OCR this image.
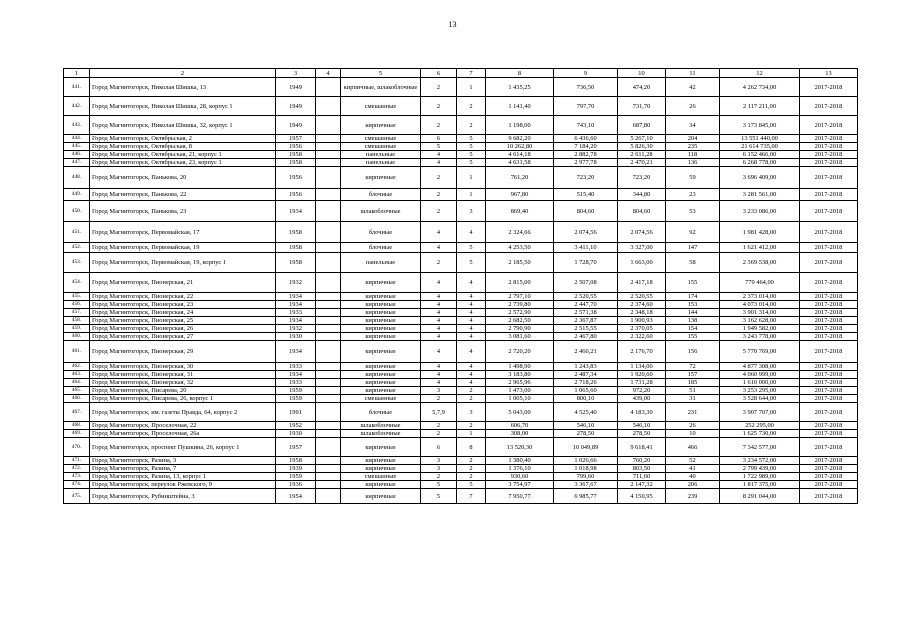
13
1	2	3	4	5	6	7	8	9	10	11	12	13
441.	Город Магнитогорск, Николая Шишка, 13	1949		кирпичные, шлакоблочные	2	1	1 435,25	736,50	474,20	42	4 262 734,00	2017-2018
442.	Город Магнитогорск, Николая Шишка, 28, корпус 1	1949		смешанные	2	2	1 141,40	797,70	731,70	26	2 117 211,00	2017-2018
443.	Город Магнитогорск, Николая Шишка, 32, корпус 1	1949		кирпичные	2	2	1 198,00	743,10	687,80	34	3 173 845,00	2017-2018
444.	Город Магнитогорск, Октябрьская, 2	1957		смешанные	6	5	9 682,20	6 436,60	5 267,10	204	13 551 440,00	2017-2018
445.	Город Магнитогорск, Октябрьская, 8	1956		смешанные	5	5	10 262,80	7 184,20	5 826,30	235	21 614 735,00	2017-2018
446.	Город Магнитогорск, Октябрьская, 21, корпус 1	1958		панельные	4	5	4 614,18	2 882,78	2 611,28	118	6 152 466,00	2017-2018
447.	Город Магнитогорск, Октябрьская, 23, корпус 1	1958		панельные	4	5	4 631,58	2 977,78	2 470,21	136	6 268 778,00	2017-2018
448.	Город Магнитогорск, Панькова, 20	1956		кирпичные	2	1	761,20	723,20	723,20	59	3 696 409,00	2017-2018
449.	Город Магнитогорск, Панькова, 22	1956		блочные	2	1	967,80	515,40	344,80	23	3 281 561,00	2017-2018
450.	Город Магнитогорск, Панькова, 23	1934		шлакоблочные	2	3	869,40	804,60	804,60	53	3 233 086,00	2017-2018
451.	Город Магнитогорск, Первомайская, 17	1958		блочные	4	4	2 324,66	2 074,56	2 074,56	92	1 981 428,00	2017-2018
452.	Город Магнитогорск, Первомайская, 19	1958		блочные	4	5	4 253,50	3 411,10	3 327,00	147	1 621 412,00	2017-2018
453.	Город Магнитогорск, Первомайская, 19, корпус 1	1958		панельные	2	5	2 185,50	1 728,70	1 663,00	58	2 369 538,00	2017-2018
454.	Город Магнитогорск, Пионерская, 21	1932		кирпичные	4	4	2 815,00	2 507,08	2 417,18	155	779 464,00	2017-2018
455.	Город Магнитогорск, Пионерская, 22	1934		кирпичные	4	4	2 797,10	2 520,55	2 520,55	174	2 373 014,00	2017-2018
456.	Город Магнитогорск, Пионерская, 23	1934		кирпичные	4	4	2 739,80	2 447,70	2 374,60	153	4 073 014,00	2017-2018
457.	Город Магнитогорск, Пионерская, 24	1933		кирпичные	4	4	2 572,90	2 571,38	2 348,18	144	3 901 314,00	2017-2018
458.	Город Магнитогорск, Пионерская, 25	1934		кирпичные	4	4	2 682,50	2 367,87	1 900,93	138	3 162 628,00	2017-2018
459.	Город Магнитогорск, Пионерская, 26	1932		кирпичные	4	4	2 790,90	2 515,55	2 370,05	154	1 949 582,00	2017-2018
460.	Город Магнитогорск, Пионерская, 27	1930		кирпичные	4	4	3 081,60	2 467,80	2 322,60	155	3 243 778,00	2017-2018
461.	Город Магнитогорск, Пионерская, 29	1934		кирпичные	4	4	2 720,20	2 460,21	2 176,70	156	5 770 769,00	2017-2018
462.	Город Магнитогорск, Пионерская, 30	1933		кирпичные	4	4	1 498,90	1 243,83	1 134,00	72	4 877 308,00	2017-2018
463.	Город Магнитогорск, Пионерская, 31	1934		кирпичные	4	4	3 183,80	2 487,34	1 920,60	157	4 060 999,00	2017-2018
464.	Город Магнитогорск, Пионерская, 32	1933		кирпичные	4	4	2 965,96	2 718,26	1 731,28	185	1 610 000,00	2017-2018
465.	Город Магнитогорск, Писарева, 20	1959		кирпичные	3	2	1 473,00	1 065,60	972,20	51	3 253 295,00	2017-2018
466.	Город Магнитогорск, Писарева, 26, корпус 1	1959		смешанные	2	2	1 005,10	800,10	439,00	31	3 528 644,00	2017-2018
467.	Город Магнитогорск, им. газеты Правда, 64, корпус 2	1991		блочные	5,7,9	3	5 043,00	4 525,40	4 183,30	231	3 907 707,00	2017-2018
468.	Город Магнитогорск, Проселочная, 22	1952		шлакоблочные	2	2	606,70	546,10	546,10	26	252 295,00	2017-2018
469.	Город Магнитогорск, Проселочная, 26а	1930		шлакоблочные	2	1	308,00	278,50	278,50	10	1 625 730,00	2017-2018
470.	Город Магнитогорск, проспект Пушкина, 26, корпус 1	1957		кирпичные	6	8	13 520,30	10 049,89	9 618,41	466	7 342 577,00	2017-2018
471.	Город Магнитогорск, Разина, 3	1958		кирпичные	3	2	1 380,40	1 026,66	760,20	52	3 234 572,00	2017-2018
472.	Город Магнитогорск, Разина, 7	1939		кирпичные	3	2	1 376,10	1 018,98	803,50	41	2 799 439,00	2017-2018
473.	Город Магнитогорск, Разина, 13, корпус 1	1959		смешанные	2	2	930,60	799,60	711,60	40	1 722 989,00	2017-2018
474.	Город Магнитогорск, переулок Ржевского, 9	1936		кирпичные	5	5	3 754,97	3 367,67	2 147,32	206	1 817 375,00	2017-2018
475.	Город Магнитогорск, Рубинштейна, 3	1954		кирпичные	5	7	7 950,77	6 985,77	4 150,95	239	8 291 044,00	2017-2018
